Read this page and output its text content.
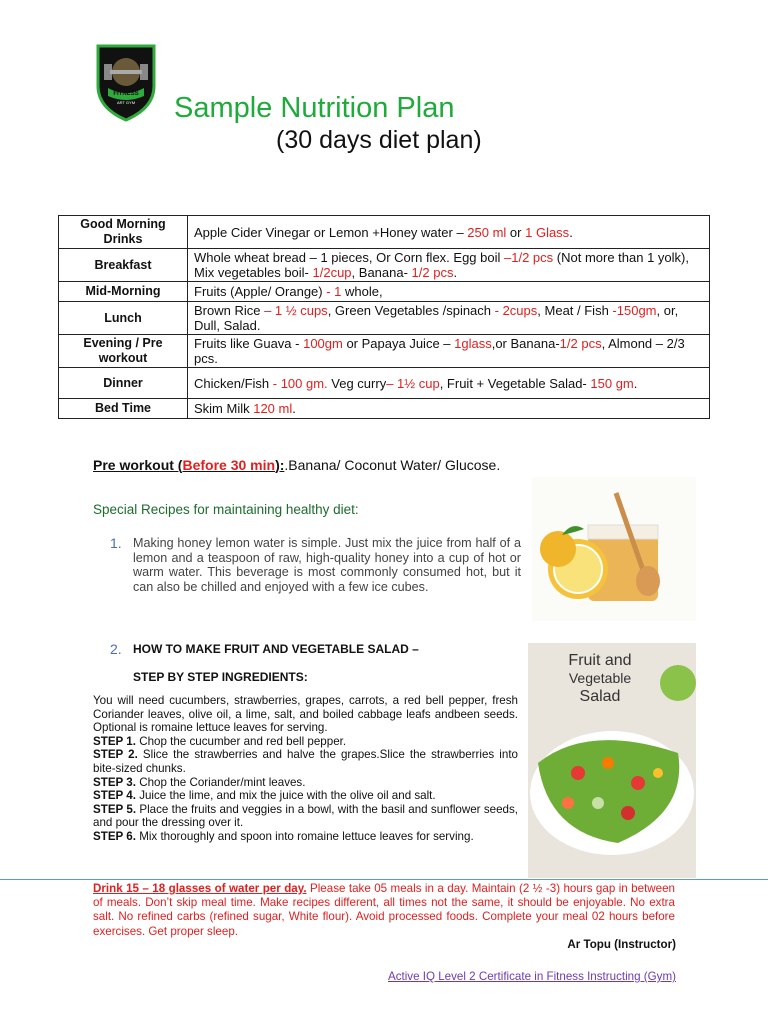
FITNESS
ART GYM Sample Nutrition Plan
(30 days diet plan)
Good Morning Drinks	Apple Cider Vinegar or Lemon +Honey water – 250 ml or 1 Glass.
Breakfast	Whole wheat bread – 1 pieces, Or Corn flex. Egg boil –1/2 pcs (Not more than 1 yolk), Mix vegetables boil- 1/2cup, Banana- 1/2 pcs.
Mid-Morning	Fruits (Apple/ Orange) - 1 whole,
Lunch	Brown Rice – 1 ½ cups, Green Vegetables /spinach - 2cups, Meat / Fish -150gm, or, Dull, Salad.
Evening / Pre workout	Fruits like Guava - 100gm or Papaya Juice – 1glass,or Banana-1/2 pcs, Almond – 2/3 pcs.
Dinner	Chicken/Fish - 100 gm. Veg curry– 1½ cup, Fruit + Vegetable Salad- 150 gm.
Bed Time	Skim Milk 120 ml.
Pre workout (Before 30 min):.Banana/ Coconut Water/ Glucose.
Special Recipes for maintaining healthy diet:
1. Making honey lemon water is simple. Just mix the juice from half of a lemon and a teaspoon of raw, high-quality honey into a cup of hot or warm water. This beverage is most commonly consumed hot, but it can also be chilled and enjoyed with a few ice cubes.
2. HOW TO MAKE FRUIT AND VEGETABLE SALAD –
STEP BY STEP INGREDIENTS:
You will need cucumbers, strawberries, grapes, carrots, a red bell pepper, fresh Coriander leaves, olive oil, a lime, salt, and boiled cabbage leafs andbeen seeds. Optional is romaine lettuce leaves for serving.
STEP 1. Chop the cucumber and red bell pepper.
STEP 2. Slice the strawberries and halve the grapes.Slice the strawberries into bite-sized chunks.
STEP 3. Chop the Coriander/mint leaves.
STEP 4. Juice the lime, and mix the juice with the olive oil and salt.
STEP 5. Place the fruits and veggies in a bowl, with the basil and sunflower seeds, and pour the dressing over it.
STEP 6. Mix thoroughly and spoon into romaine lettuce leaves for serving.
Fruit and
Vegetable
Salad
Drink 15 – 18 glasses of water per day. Please take 05 meals in a day. Maintain (2 ½ -3) hours gap in between of meals. Don’t skip meal time. Make recipes different, all times not the same, it should be enjoyable. No extra salt. No refined carbs (refined sugar, White flour). Avoid processed foods. Complete your meal 02 hours before exercises. Get proper sleep.
Ar Topu (Instructor)
Active IQ Level 2 Certificate in Fitness Instructing (Gym)
